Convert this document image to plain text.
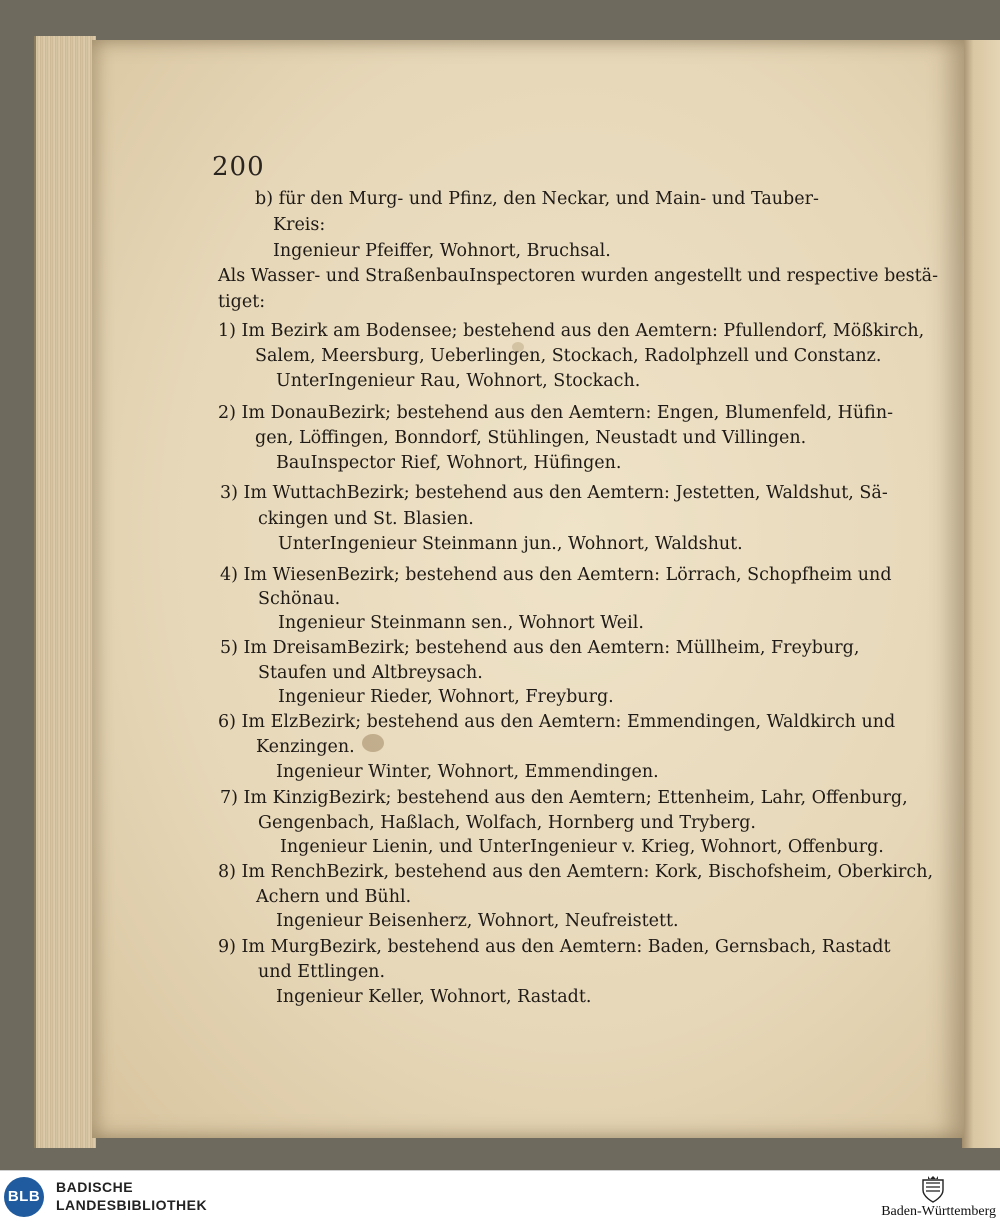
200
b) für den Murg- und Pfinz, den Neckar, und Main- und Tauber-
Kreis:
Ingenieur Pfeiffer, Wohnort, Bruchsal.
Als Wasser- und StraßenbauInspectoren wurden angestellt und respective bestä-
tiget:
1) Im Bezirk am Bodensee; bestehend aus den Aemtern: Pfullendorf, Mößkirch,
Salem, Meersburg, Ueberlingen, Stockach, Radolphzell und Constanz.
UnterIngenieur Rau, Wohnort, Stockach.
2) Im DonauBezirk; bestehend aus den Aemtern: Engen, Blumenfeld, Hüfin-
gen, Löffingen, Bonndorf, Stühlingen, Neustadt und Villingen.
BauInspector Rief, Wohnort, Hüfingen.
3) Im WuttachBezirk; bestehend aus den Aemtern: Jestetten, Waldshut, Sä-
ckingen und St. Blasien.
UnterIngenieur Steinmann jun., Wohnort, Waldshut.
4) Im WiesenBezirk; bestehend aus den Aemtern: Lörrach, Schopfheim und
Schönau.
Ingenieur Steinmann sen., Wohnort Weil.
5) Im DreisamBezirk; bestehend aus den Aemtern: Müllheim, Freyburg,
Staufen und Altbreysach.
Ingenieur Rieder, Wohnort, Freyburg.
6) Im ElzBezirk; bestehend aus den Aemtern: Emmendingen, Waldkirch und
Kenzingen.
Ingenieur Winter, Wohnort, Emmendingen.
7) Im KinzigBezirk; bestehend aus den Aemtern; Ettenheim, Lahr, Offenburg,
Gengenbach, Haßlach, Wolfach, Hornberg und Tryberg.
Ingenieur Lienin, und UnterIngenieur v. Krieg, Wohnort, Offenburg.
8) Im RenchBezirk, bestehend aus den Aemtern: Kork, Bischofsheim, Oberkirch,
Achern und Bühl.
Ingenieur Beisenherz, Wohnort, Neufreistett.
9) Im MurgBezirk, bestehend aus den Aemtern: Baden, Gernsbach, Rastadt
und Ettlingen.
Ingenieur Keller, Wohnort, Rastadt.
BLB
BADISCHE
LANDESBIBLIOTHEK	Baden-Württemberg
